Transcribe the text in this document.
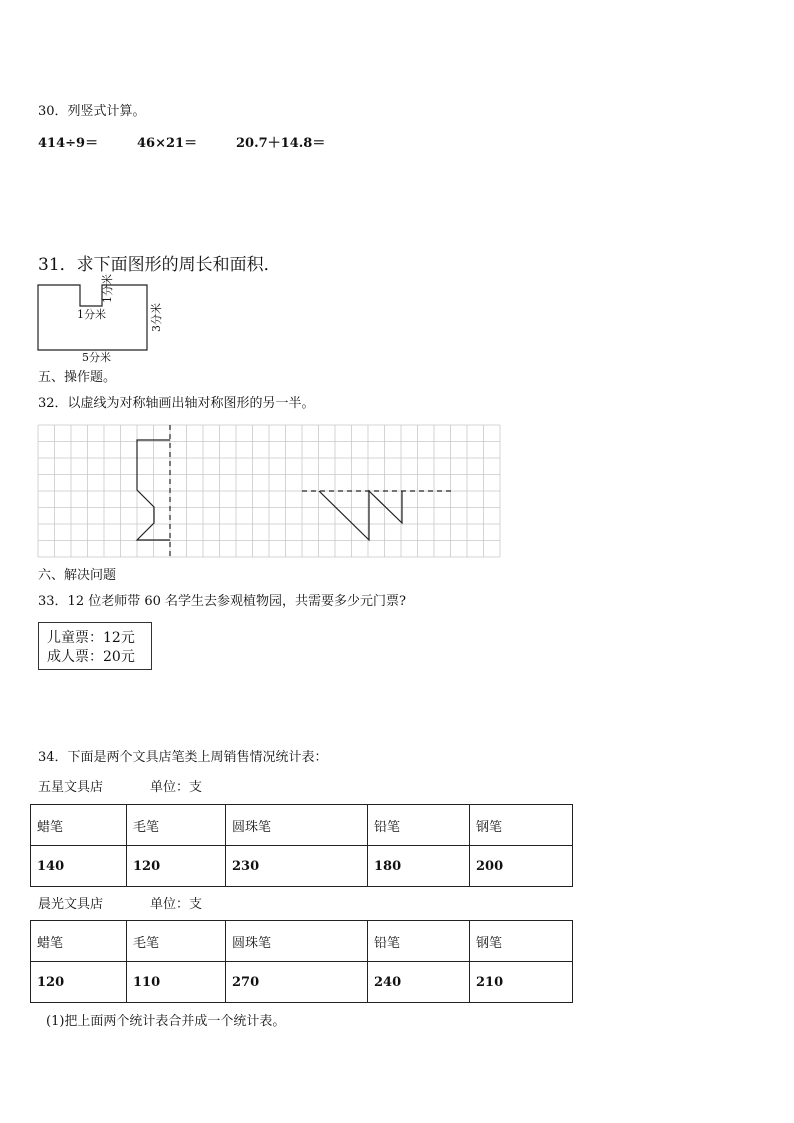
30．列竖式计算。
414÷9＝	46×21＝	20.7＋14.8＝
31．求下面图形的周长和面积．
1分米
1分米
3分米
5分米
五、操作题。
32．以虚线为对称轴画出轴对称图形的另一半。
六、解决问题
33．12 位老师带 60 名学生去参观植物园，共需要多少元门票?
儿童票：12元
成人票：20元
34．下面是两个文具店笔类上周销售情况统计表：
五星文具店	单位：支
蜡笔	毛笔	圆珠笔	铅笔	钢笔
140	120	230	180	200
晨光文具店	单位：支
蜡笔	毛笔	圆珠笔	铅笔	钢笔
120	110	270	240	210
(1)把上面两个统计表合并成一个统计表。
